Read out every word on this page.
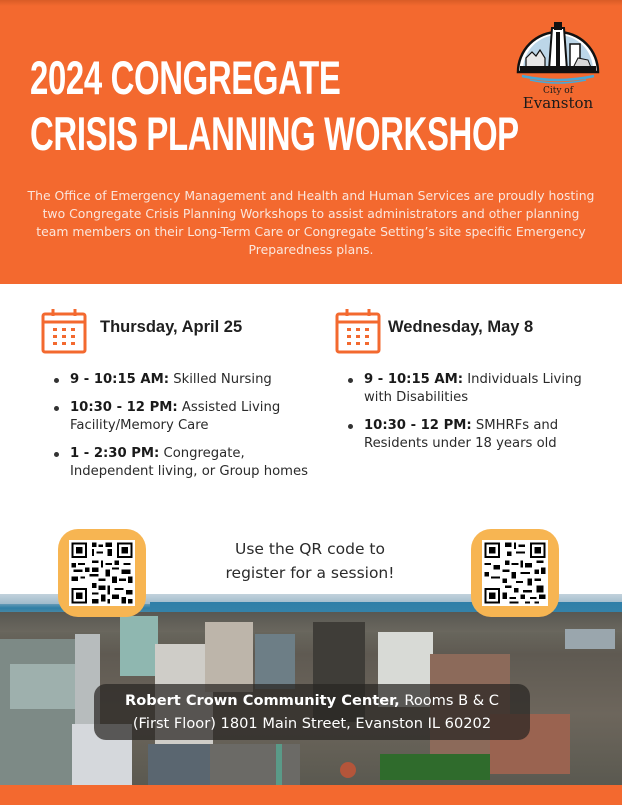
2024 CONGREGATE
CRISIS PLANNING WORKSHOP
City of
Evanston

The Office of Emergency Management and Health and Human Services are proudly hosting two Congregate Crisis Planning Workshops to assist administrators and other planning team members on their Long-Term Care or Congregate Setting’s site specific Emergency Preparedness plans.

Thursday, April 25
9 - 10:15 AM: Skilled Nursing
10:30 - 12 PM: Assisted Living Facility/Memory Care
1 - 2:30 PM: Congregate, Independent living, or Group homes
Wednesday, May 8
9 - 10:15 AM: Individuals Living with Disabilities
10:30 - 12 PM: SMHRFs and Residents under 18 years old
Robert Crown Community Center, Rooms B & C
(First Floor) 1801 Main Street, Evanston IL 60202
Use the QR code to
register for a session!
